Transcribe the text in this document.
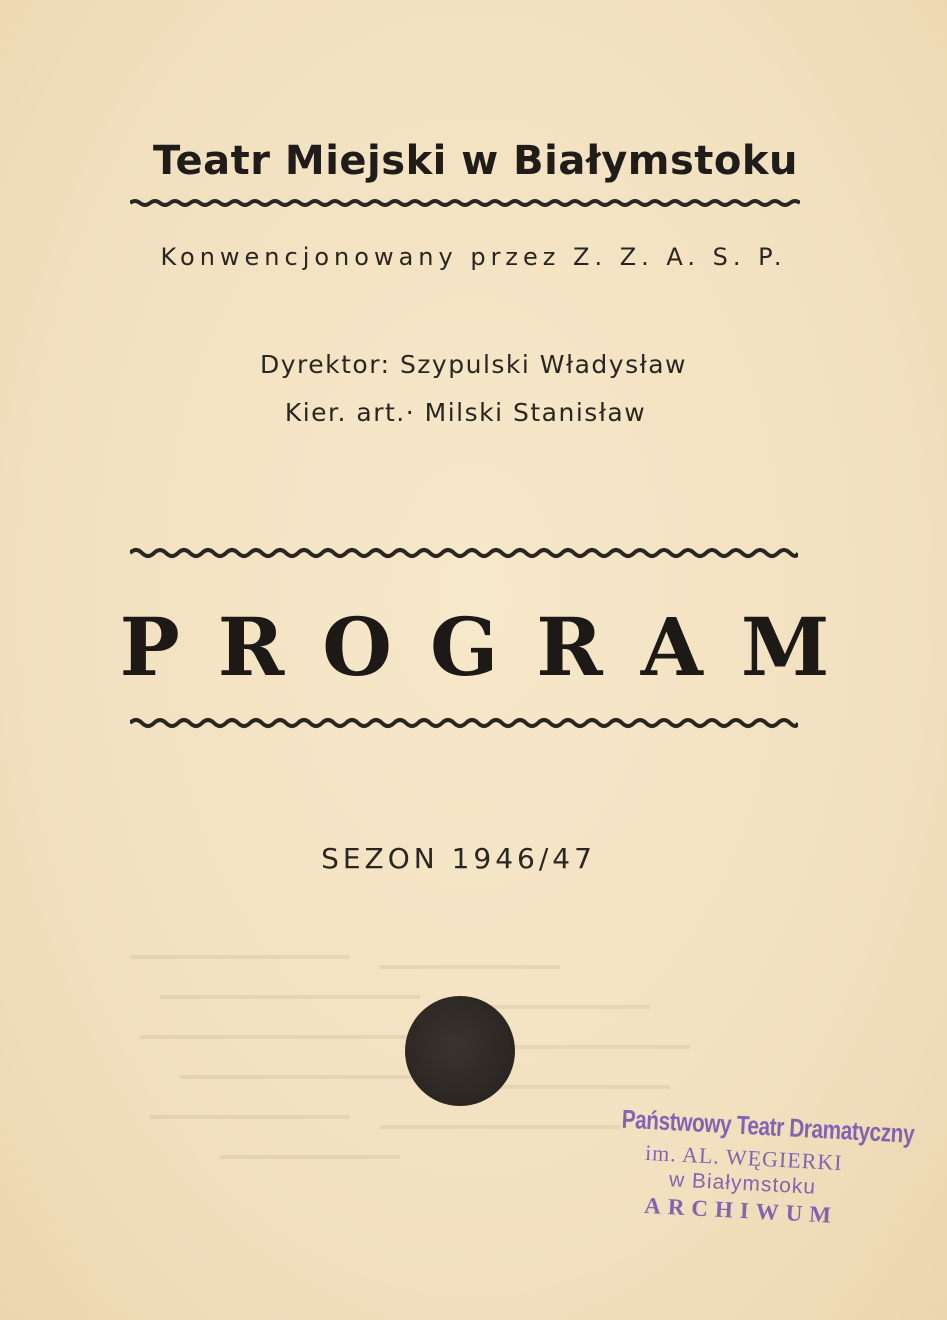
Teatr Miejski w Białymstoku
Konwencjonowany przez Z. Z. A. S. P.
Dyrektor: Szypulski Władysław
Kier. art.· Milski Stanisław
PROGRAM
SEZON 1946/47
Państwowy Teatr Dramatyczny
im. AL. WĘGIERKI
w Białymstoku
ARCHIWUM
